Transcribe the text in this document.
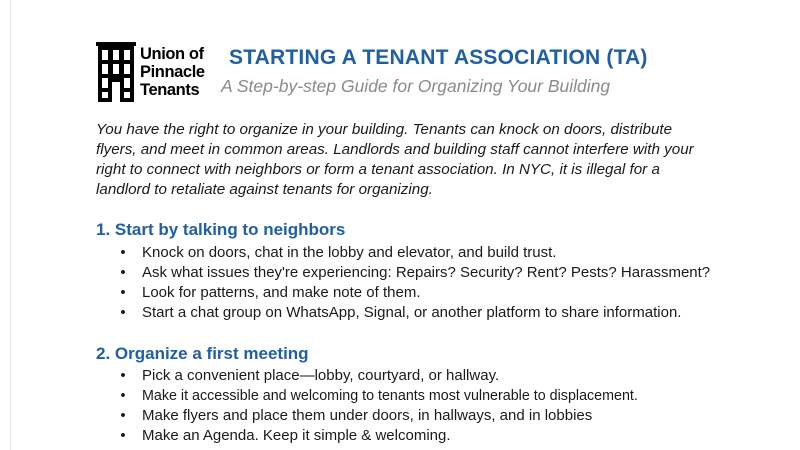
Union of
Pinnacle
Tenants
STARTING A TENANT ASSOCIATION (TA)
A Step-by-step Guide for Organizing Your Building
You have the right to organize in your building. Tenants can knock on doors, distribute flyers, and meet in common areas. Landlords and building staff cannot interfere with your right to connect with neighbors or form a tenant association. In NYC, it is illegal for a landlord to retaliate against tenants for organizing.
1. Start by talking to neighbors
• Knock on doors, chat in the lobby and elevator, and build trust.
• Ask what issues they're experiencing: Repairs? Security? Rent? Pests? Harassment?
• Look for patterns, and make note of them.
• Start a chat group on WhatsApp, Signal, or another platform to share information.
2. Organize a first meeting
• Pick a convenient place—lobby, courtyard, or hallway.
• Make it accessible and welcoming to tenants most vulnerable to displacement.
• Make flyers and place them under doors, in hallways, and in lobbies
• Make an Agenda. Keep it simple & welcoming.
